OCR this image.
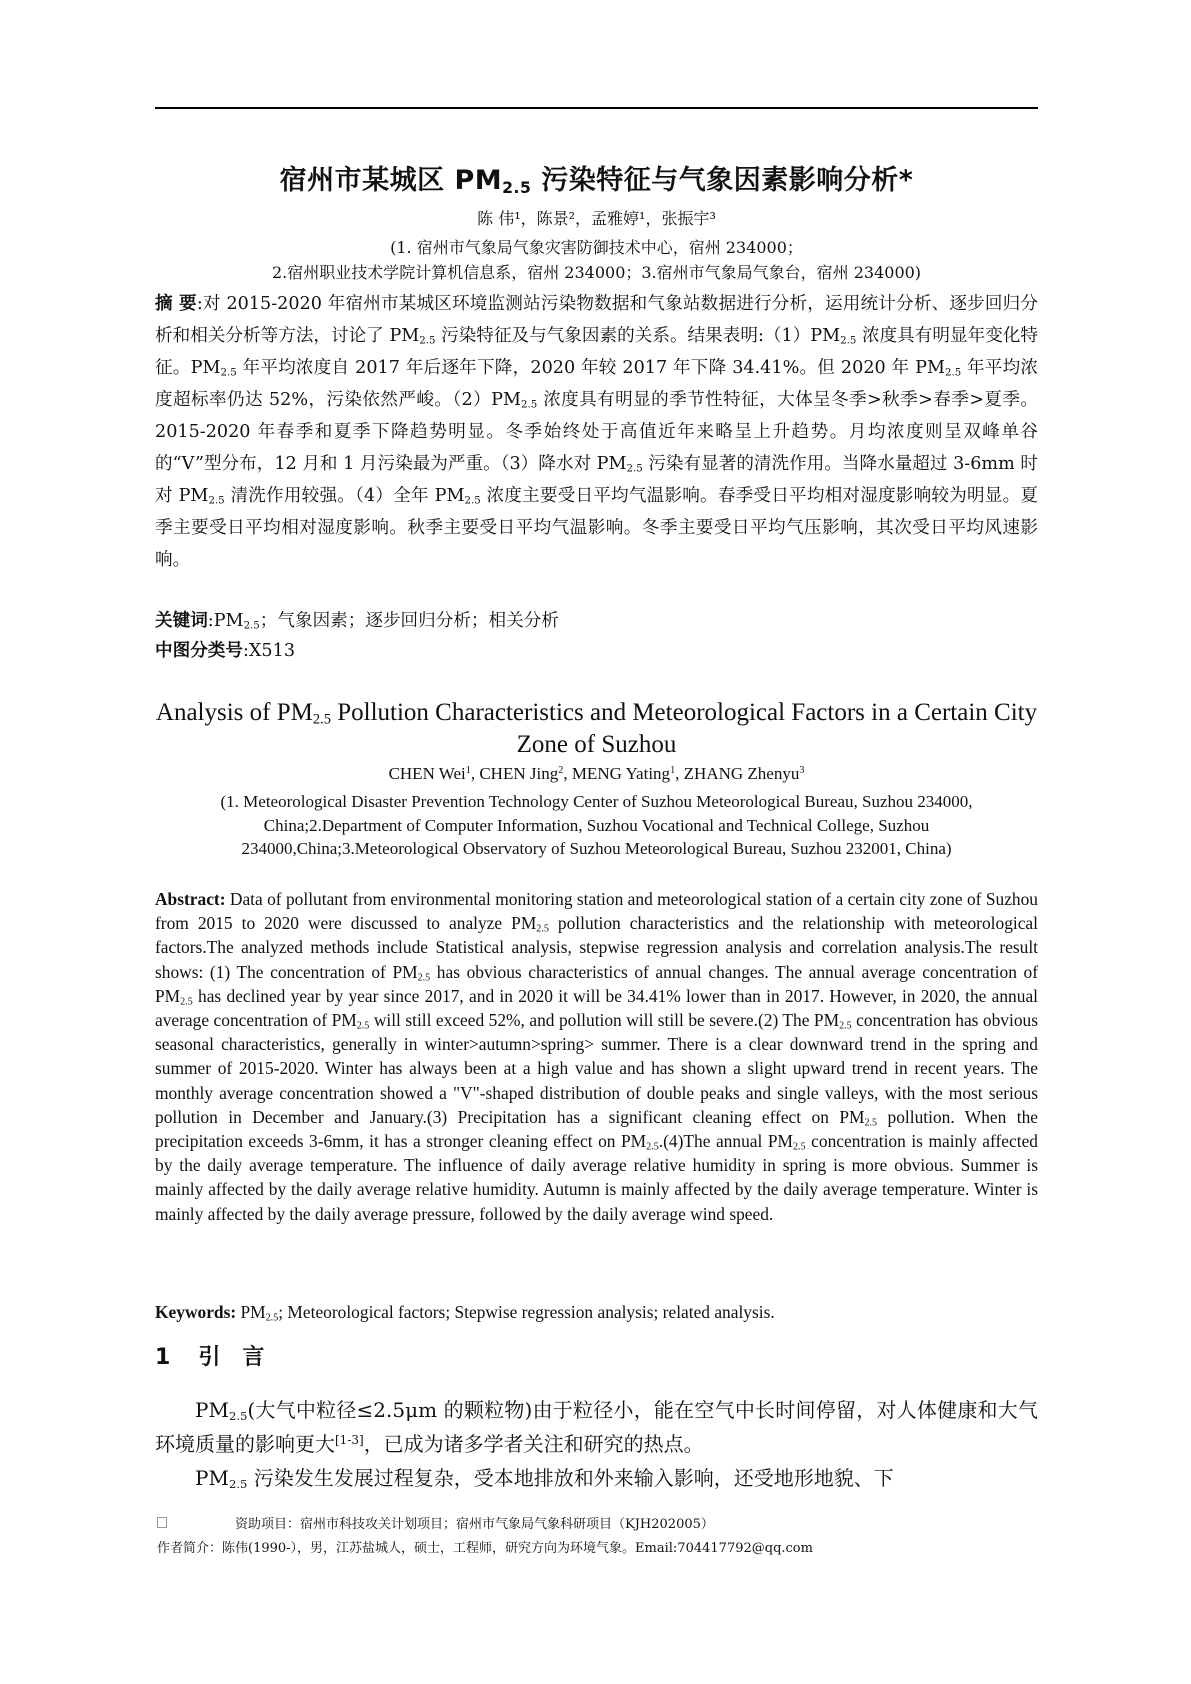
宿州市某城区 $PM_{2.5}$ 污染特征与气象因素影响分析*
陈 伟¹，陈景²，孟雅婷¹，张振宇³
(1. 宿州市气象局气象灾害防御技术中心，宿州 234000；
2.宿州职业技术学院计算机信息系，宿州 234000；3.宿州市气象局气象台，宿州 234000)

摘 要:对 2015-2020 年宿州市某城区环境监测站污染物数据和气象站数据进行分析，运用统计分析、逐步回归分析和相关分析等方法，讨论了 $PM_{2.5}$ 污染特征及与气象因素的关系。结果表明$:(1)PM_{2.5}$ 浓度具有明显年变化特征。$PM_{2.5}$ 年平均浓度自 2017 年后逐年下降，2020 年较 2017 年下降 34.41%。但 2020 年 $PM_{2.5}$ 年平均浓度超标率仍达 52%，污染依然严峻。$(2)PM_{2.5}$ 浓度具有明显的季节性特征，大体呈冬季>秋季>春季>夏季。2015-2020 年春季和夏季下降趋势明显。冬季始终处于高值近年来略呈上升趋势。月均浓度则呈双峰单谷的“V”型分布，12 月和 1 月污染最为严重。（3）降水对 $PM_{2.5}$ 污染有显著的清洗作用。当降水量超过 3-6mm 时对 $PM_{2.5}$ 清洗作用较强。（4）全年 $PM_{2.5}$ 浓度主要受日平均气温影响。春季受日平均相对湿度影响较为明显。夏季主要受日平均相对湿度影响。秋季主要受日平均气温影响。冬季主要受日平均气压影响，其次受日平均风速影响。

关键词$:PM_{2.5}$；气象因素；逐步回归分析；相关分析
中图分类号:X513

Analysis of $PM_{2.5}$ Pollution Characteristics and Meteorological Factors in a Certain City Zone of Suzhou

CHEN Wei$^1$, CHEN Jing$^2$, MENG Yating$^1$, ZHANG Zhenyu$^3$

(1. Meteorological Disaster Prevention Technology Center of Suzhou Meteorological Bureau, Suzhou 234000, China;2.Department of Computer Information, Suzhou Vocational and Technical College, Suzhou 234000,China;3.Meteorological Observatory of Suzhou Meteorological Bureau, Suzhou 232001, China)

Abstract: Data of pollutant from environmental monitoring station and meteorological station of a certain city zone of Suzhou from 2015 to 2020 were discussed to analyze $PM_{2.5}$ pollution characteristics and the relationship with meteorological factors.The analyzed methods include Statistical analysis, stepwise regression analysis and correlation analysis.The result shows: (1) The concentration of $PM_{2.5}$ has obvious characteristics of annual changes. The annual average concentration of $PM_{2.5}$ has declined year by year since 2017, and in 2020 it will be 34.41% lower than in 2017. However, in 2020, the annual average concentration of $PM_{2.5}$ will still exceed 52%, and pollution will still be severe.(2) The $PM_{2.5}$ concentration has obvious seasonal characteristics, generally in winter>autumn>spring> summer. There is a clear downward trend in the spring and summer of 2015-2020. Winter has always been at a high value and has shown a slight upward trend in recent years. The monthly average concentration showed a "V"-shaped distribution of double peaks and single valleys, with the most serious pollution in December and January.(3) Precipitation has a significant cleaning effect on $PM_{2.5}$ pollution. When the precipitation exceeds 3-6mm, it has a stronger cleaning effect on $PM_{2.5}.(4)The$ annual $PM_{2.5}$ concentration is mainly affected by the daily average temperature. The influence of daily average relative humidity in spring is more obvious. Summer is mainly affected by the daily average relative humidity. Autumn is mainly affected by the daily average temperature. Winter is mainly affected by the daily average pressure, followed by the daily average wind speed.

Keywords: $PM_{2.5}$; Meteorological factors; Stepwise regression analysis; related analysis.
1 引言

$PM_{2.5}$(大气中粒径≤2.5μm 的颗粒物)由于粒径小，能在空气中长时间停留，对人体健康和大气环境质量的影响更大[1-3]，已成为诸多学者关注和研究的热点。

$PM_{2.5}$ 污染发生发展过程复杂，受本地排放和外来输入影响，还受地形地貌、下

资助项目：宿州市科技攻关计划项目；宿州市气象局气象科研项目（KJH202005）
作者简介：陈伟(1990-），男，江苏盐城人，硕士，工程师，研究方向为环境气象。Email:704417792@qq.com
